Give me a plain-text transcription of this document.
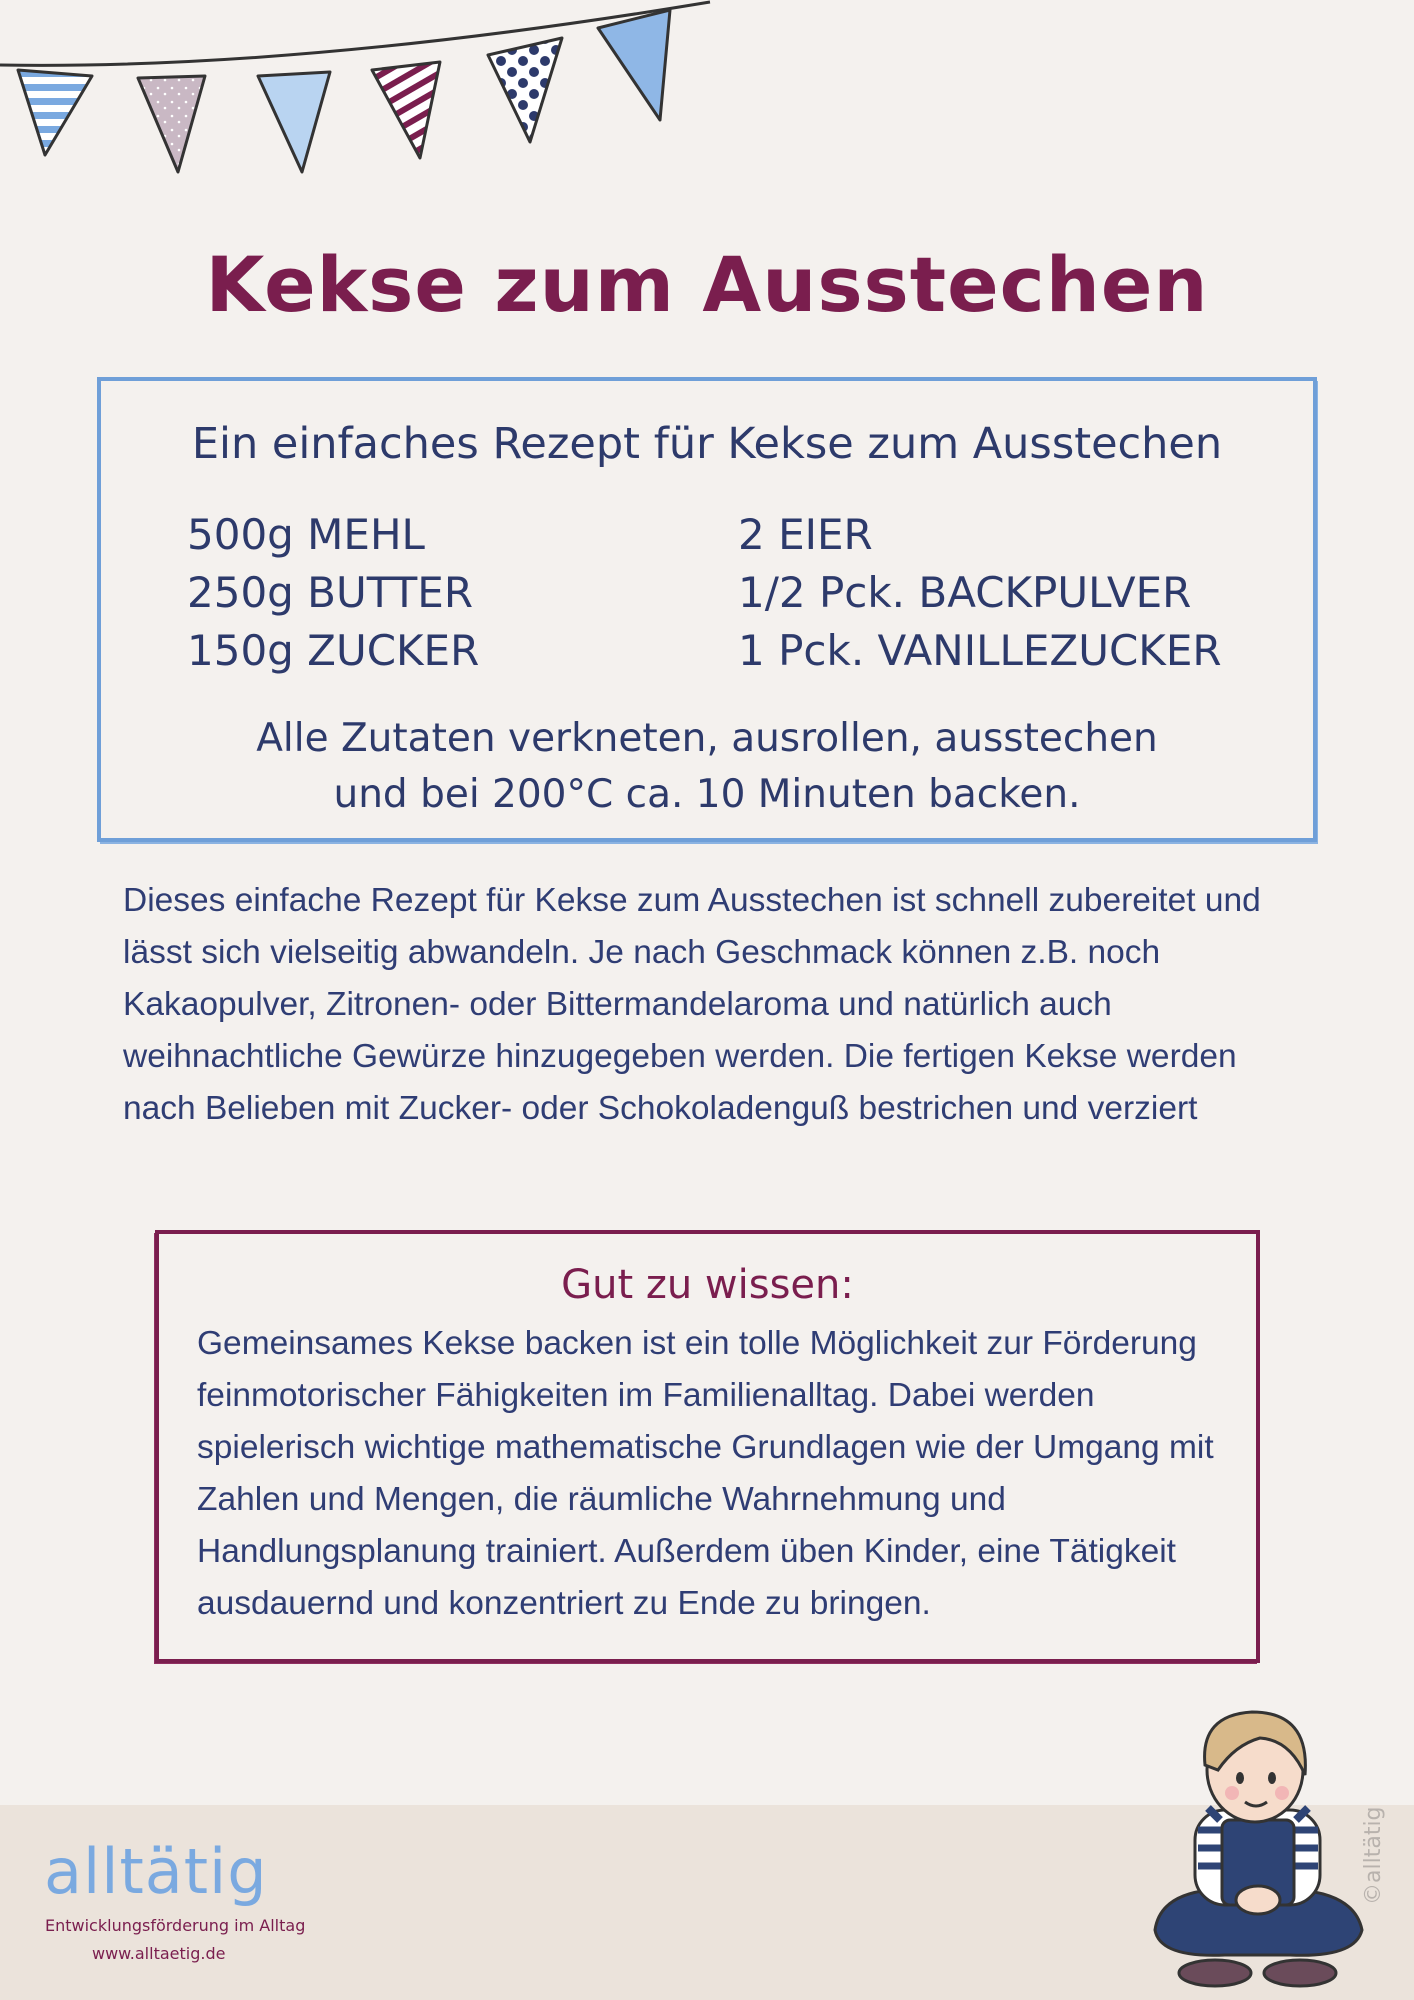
Kekse zum Ausstechen
Ein einfaches Rezept für Kekse zum Ausstechen
500g MEHL
250g BUTTER
150g ZUCKER
2 EIER
1/2 Pck. BACKPULVER
1 Pck. VANILLEZUCKER
Alle Zutaten verkneten, ausrollen, ausstechen
und bei 200°C ca. 10 Minuten backen.

Dieses einfache Rezept für Kekse zum Ausstechen ist schnell zubereitet und lässt sich vielseitig abwandeln. Je nach Geschmack können z.B. noch Kakaopulver, Zitronen- oder Bittermandelaroma und natürlich auch weihnachtliche Gewürze hinzugegeben werden. Die fertigen Kekse werden nach Belieben mit Zucker- oder Schokoladenguß bestrichen und verziert

Gut zu wissen:

Gemeinsames Kekse backen ist ein tolle Möglichkeit zur Förderung feinmotorischer Fähigkeiten im Familienalltag. Dabei werden spielerisch wichtige mathematische Grundlagen wie der Umgang mit Zahlen und Mengen, die räumliche Wahrnehmung und Handlungsplanung trainiert. Außerdem üben Kinder, eine Tätigkeit ausdauernd und konzentriert zu Ende zu bringen.

alltätig
Entwicklungsförderung im Alltag
www.alltaetig.de
©alltätig
